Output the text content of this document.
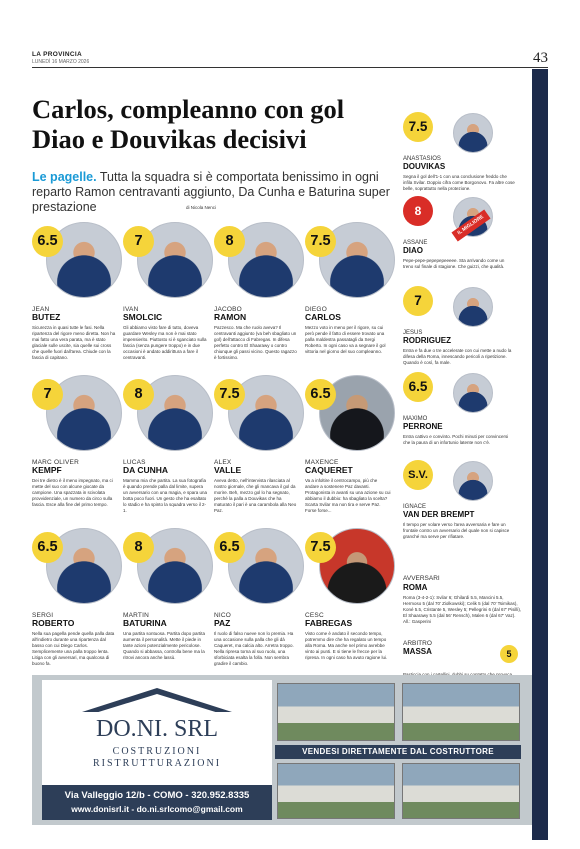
LA PROVINCIA
LUNEDÌ 16 MARZO 2026	43
Carlos, compleanno con gol
Diao e Douvikas decisivi
Le pagelle. Tutta la squadra si è comportata benissimo in ogni reparto Ramon centravanti aggiunto, Da Cunha e Baturina super prestazione	di Nicola Nenci
6.5
JEAN
BUTEZ
Sicurezza in quasi tutte le fasi. Nella ripartenza del rigore meno diretta. Non ha mai fatto una vera parata, ma è stato glaciale sulle uscite, sia quelle sui cross che quelle fuori dall'area. Chiude con la fascia di capitano.
7
IVAN
SMOLCIC
Gli abbiamo visto fare di tutto, doveva guardare Wesley ma non è mai stato impensierito. Piuttosto si è sganciato sulla fascia (senza pungere troppo) e in due occasioni è andato addirittura a fare il centravanti.
8
JACOBO
RAMON
Pazzesco. Ma che ruolo aveva? Il centravanti aggiunto (va beh sbagliato un gol) dell'attacco di Fabregas. In difesa perfetto contro El Shaarawy o contro chiunque gli passi vicino. Questo ragazzo è fortissimo.
7.5
DIEGO
CARLOS
Mezzo voto in meno per il rigore, su cui però pende il fatto di essere trovato una palla maldestra passatagli da Sergi Roberto. In ogni caso va a segnare il gol vittoria nel giorno del suo compleanno.
7
MARC OLIVER
KEMPF
Dei tre dietro è il meno impegnato, ma ci mette del suo con alcune giocate da campione. Una spazzata in scivolata provvidenziale, un numero da circo sulla fascia. Esce alla fine del primo tempo.
8
LUCAS
DA CUNHA
Mamma mia che partita. La sua fotografia è quando prende palla dal limite, supera un avversario con una magia, e spara una botta poco fuori. Un gesto che ha esaltato lo stadio e ha spinto la squadra verso il 2-1.
7.5
ALEX
VALLE
Aveva detto, nell'intervista rilasciata al nostro giornale, che gli mancava il gol da morire. Beh, mezzo gol lo ha segnato, perché la palla a Douvikas che ha maturato il pari è una carambola alla Neo Paz.
6.5
MAXENCE
CAQUERET
Va a infoltire il centrocampo, più che andare a sostenere Paz davanti. Protagonista in avanti su una azione su cui abbiamo il dubbio: ha sbagliato la scelta? Scarta Svilar ma non tira e serve Paz. Forse forse...
6.5
SERGI
ROBERTO
Nella sua pagella pende quella palla data all'indietro durante una ripartenza dal basso con cui Diego Carlos. Semplicemente una palla troppo lenta. Litiga con gli avversari, ma qualcosa di buono fa.
8
MARTIN
BATURINA
Una partita sontuosa. Partita dopo partita aumenta il personalità. Mette il piede in tante azioni potenzialmente pericolose. Quando si abbassa, controlla bene ma la ritrovi ancora anche lassù.
6.5
NICO
PAZ
Il ruolo di falso nueve non lo premia. Ha una occasione sulla palla che gli dà Caqueret, ma calcia alto. Arretra troppo. Nella ripresa torna al suo ruolo, una sforbiciata esalta la folla. Non sembra gradire il cambio.
7.5
CESC
FABREGAS
Visto come è andato il secondo tempo, potremmo dire che ha regalato un tempo alla Roma. Ma anche nel primo avrebbe vinto ai punti. E si tiene le frecce per la ripresa. In ogni caso ha avuto ragione lui.
7.5
ANASTASIOS
DOUVIKAS
Segna il gol dell'1-1 con una conclusione freddo che infila Svilar. Doppio cifra come Borgonovo. Fa altre cose belle, soprattutto nella protezione.
8
IL MIGLIORE
ASSANE
DIAO
Pepe-pepe-pepepepeeeee. Sta arrivando come un treno sul finale di stagione. Che guizzi, che qualità.
7
JESUS
RODRIGUEZ
Entra e fa due o tre accelerate con cui mette a nudo la difesa della Roma, innescando pericoli a ripetizione. Quando è così, fa male.
6.5
MAXIMO
PERRONE
Entra cattivo e convinto. Pochi minuti per convincersi che la paura di un infortunio latente non c'è.
S.V.
IGNACE
VAN DER BREMPT
Il tempo per volare verso l'area avversaria e fare un frontale contro un avversario del quale non si capisce granché ma serve per rifiatare.
AVVERSARI
ROMA
Roma (3-4-2-1): Svilar 6; Ghilardi 5.5, Mancini 5.5, Hermoso 5 (dal 70' Ziolkowski); Celik 5 (dal 70' Tsimikas), Koné 5.5, Cristante 5, Wesley 5; Pellegrini 6 (dal 67' Pisilli), El Shaarawy 5.5 (dal 56' Rensch), Malen 6 (dal 67' Vaz). All.: Gasperini
ARBITRO
MASSA	5
DO.NI. SRL
COSTRUZIONI
RISTRUTTURAZIONI
Via Valleggio 12/b - COMO - 320.952.8335
www.donisrl.it - do.ni.srlcomo@gmail.com
VENDESI DIRETTAMENTE DAL COSTRUTTORE
